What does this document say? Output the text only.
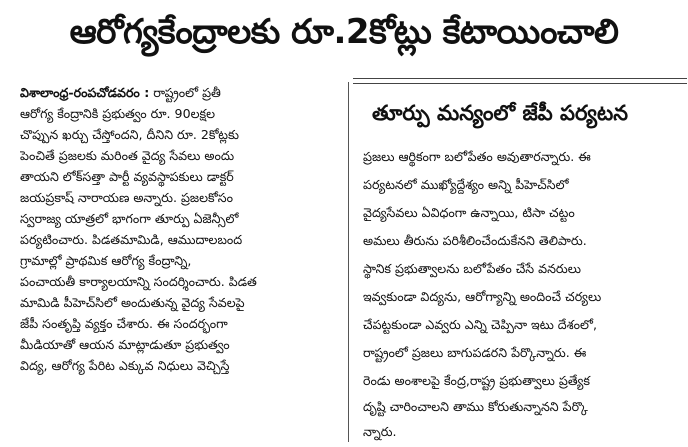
ఆరోగ్యకేంద్రాలకు రూ.2కోట్లు కేటాయించాలి
విశాలాంధ్ర-రంపచోడవరం : రాష్ట్రంలో ప్రతీ
ఆరోగ్య కేంద్రానికి ప్రభుత్వం రూ. 90లక్షల
చొప్పున ఖర్చు చేస్తోందని, దీనిని రూ. 2కోట్లకు
పెంచితే ప్రజలకు మరింత వైద్య సేవలు అందు
తాయని లోక్‌సత్తా పార్టీ వ్యవస్థాపకులు డాక్టర్
జయప్రకాష్ నారాయణ అన్నారు. ప్రజలకోసం
స్వరాజ్య యాత్రలో భాగంగా తూర్పు ఏజెన్సీలో
పర్యటించారు. పిడతమామిడి, ఆముదాలబంద
గ్రామాల్లో ప్రాథమిక ఆరోగ్య కేంద్రాన్ని,
పంచాయతీ కార్యాలయాన్ని సందర్శించారు. పిడత
మామిడి పీహెచ్‌సిలో అందుతున్న వైద్య సేవలపై
జేపీ సంతృప్తి వ్యక్తం చేశారు. ఈ సందర్భంగా
మీడియాతో ఆయన మాట్లాడుతూ ప్రభుత్వం
విద్య, ఆరోగ్య పేరిట ఎక్కువ నిధులు వెచ్చిస్తే
తూర్పు మన్యంలో జేపీ పర్యటన
ప్రజలు ఆర్థికంగా బలోపేతం అవుతారన్నారు. ఈ
పర్యటనలో ముఖ్యోద్దేశ్యం అన్ని పీహెచ్‌సిలో
వైద్యసేవలు ఏవిధంగా ఉన్నాయి, టిసా చట్టం
అమలు తీరును పరిశీలించేందుకేనని తెలిపారు.
స్థానిక ప్రభుత్వాలను బలోపేతం చేసే వనరులు
ఇవ్వకుండా విద్యను, ఆరోగ్యాన్ని అందించే చర్యలు
చేపట్టకుండా ఎవ్వరు ఎన్ని చెప్పినా ఇటు దేశంలో,
రాష్ట్రంలో ప్రజలు బాగుపడరని పేర్కొన్నారు. ఈ
రెండు అంశాలపై కేంద్ర,రాష్ట్ర ప్రభుత్వాలు ప్రత్యేక
దృష్టి చారించాలని తాము కోరుతున్నానని పేర్కొ
న్నారు.
